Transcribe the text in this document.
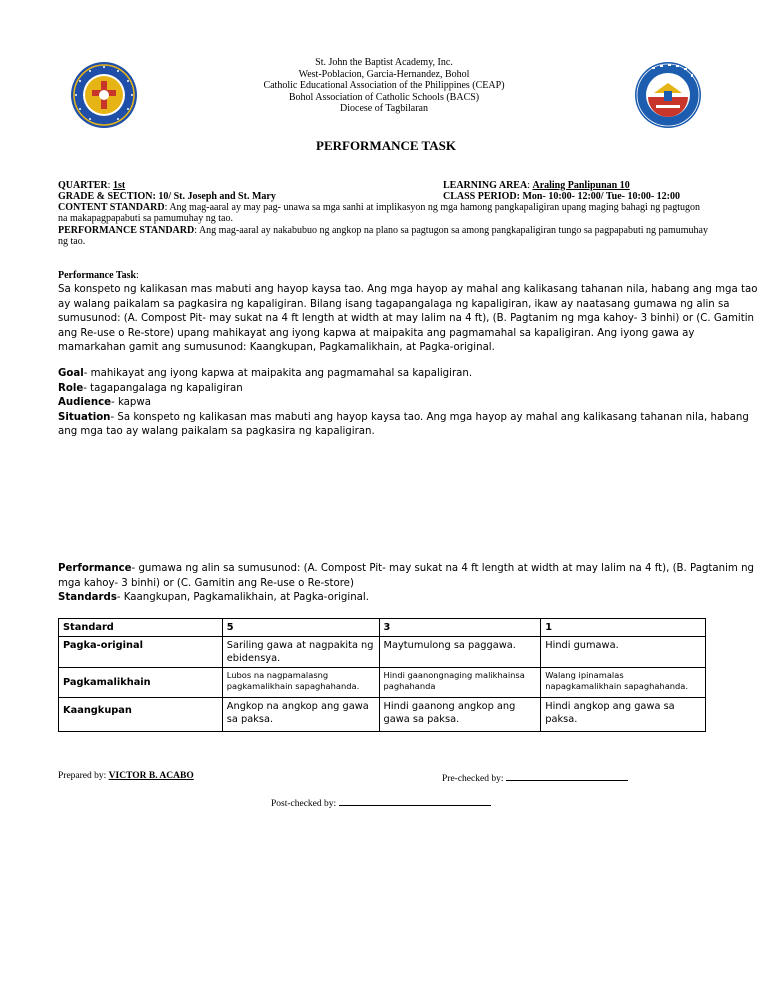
St. John the Baptist Academy, Inc.
West-Poblacion, Garcia-Hernandez, Bohol
Catholic Educational Association of the Philippines (CEAP)
Bohol Association of Catholic Schools (BACS)
Diocese of Tagbilaran
PERFORMANCE TASK
QUARTER: 1st	LEARNING AREA: Araling Panlipunan 10
GRADE & SECTION: 10/ St. Joseph and St. Mary	CLASS PERIOD: Mon- 10:00- 12:00/ Tue- 10:00- 12:00
CONTENT STANDARD: Ang mag-aaral ay may pag- unawa sa mga sanhi at implikasyon ng mga hamong pangkapaligiran upang maging bahagi ng pagtugon
na makapagpapabuti sa pamumuhay ng tao.
PERFORMANCE STANDARD: Ang mag-aaral ay nakabubuo ng angkop na plano sa pagtugon sa among pangkapaligiran tungo sa pagpapabuti ng pamumuhay
ng tao.
Performance Task:
Sa konspeto ng kalikasan mas mabuti ang hayop kaysa tao. Ang mga hayop ay mahal ang kalikasang tahanan nila, habang ang mga tao
ay walang paikalam sa pagkasira ng kapaligiran. Bilang isang tagapangalaga ng kapaligiran, ikaw ay naatasang gumawa ng alin sa
sumusunod: (A. Compost Pit- may sukat na 4 ft length at width at may lalim na 4 ft), (B. Pagtanim ng mga kahoy- 3 binhi) or (C. Gamitin
ang Re-use o Re-store) upang mahikayat ang iyong kapwa at maipakita ang pagmamahal sa kapaligiran. Ang iyong gawa ay
mamarkahan gamit ang sumusunod: Kaangkupan, Pagkamalikhain, at Pagka-original.
Goal- mahikayat ang iyong kapwa at maipakita ang pagmamahal sa kapaligiran.
Role- tagapangalaga ng kapaligiran
Audience- kapwa
Situation- Sa konspeto ng kalikasan mas mabuti ang hayop kaysa tao. Ang mga hayop ay mahal ang kalikasang tahanan nila, habang
ang mga tao ay walang paikalam sa pagkasira ng kapaligiran.
Performance- gumawa ng alin sa sumusunod: (A. Compost Pit- may sukat na 4 ft length at width at may lalim na 4 ft), (B. Pagtanim ng
mga kahoy- 3 binhi) or (C. Gamitin ang Re-use o Re-store)
Standards- Kaangkupan, Pagkamalikhain, at Pagka-original.
Standard	5	3	1
Pagka-original	Sariling gawa at nagpakita ng ebidensya.	Maytumulong sa paggawa.	Hindi gumawa.
Pagkamalikhain	Lubos na nagpamalasng pagkamalikhain sapaghahanda.	Hindi gaanongnaging malikhainsa paghahanda	Walang ipinamalas napagkamalikhain sapaghahanda.
Kaangkupan	Angkop na angkop ang gawa sa paksa.	Hindi gaanong angkop ang gawa sa paksa.	Hindi angkop ang gawa sa paksa.
Prepared by: VICTOR B. ACABO	Pre-checked by:
Post-checked by:
